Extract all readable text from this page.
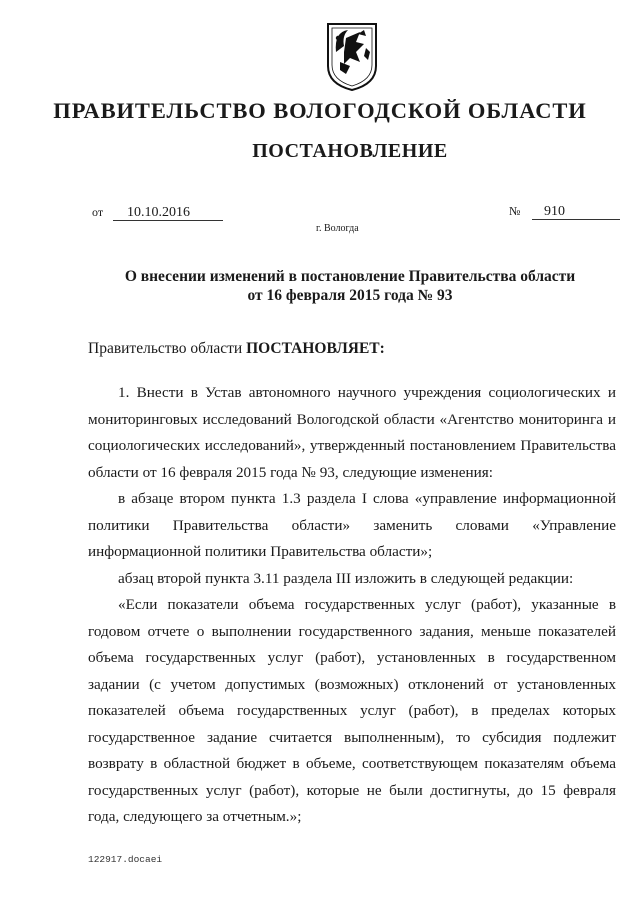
ПРАВИТЕЛЬСТВО ВОЛОГОДСКОЙ ОБЛАСТИ
ПОСТАНОВЛЕНИЕ
от 10.10.2016	№ 910
г. Вологда
О внесении изменений в постановление Правительства области
от 16 февраля 2015 года № 93
Правительство области ПОСТАНОВЛЯЕТ:

1. Внести в Устав автономного научного учреждения социологических и мониторинговых исследований Вологодской области «Агентство мониторинга и социологических исследований», утвержденный постановлением Правительства области от 16 февраля 2015 года № 93, следующие изменения:

в абзаце втором пункта 1.3 раздела I слова «управление информационной политики Правительства области» заменить словами «Управление информационной политики Правительства области»;

абзац второй пункта 3.11 раздела III изложить в следующей редакции:

«Если показатели объема государственных услуг (работ), указанные в годовом отчете о выполнении государственного задания, меньше показателей объема государственных услуг (работ), установленных в государственном задании (с учетом допустимых (возможных) отклонений от установленных показателей объема государственных услуг (работ), в пределах которых государственное задание считается выполненным), то субсидия подлежит возврату в областной бюджет в объеме, соответствующем показателям объема государственных услуг (работ), которые не были достигнуты, до 15 февраля года, следующего за отчетным.»;

122917.docaei
